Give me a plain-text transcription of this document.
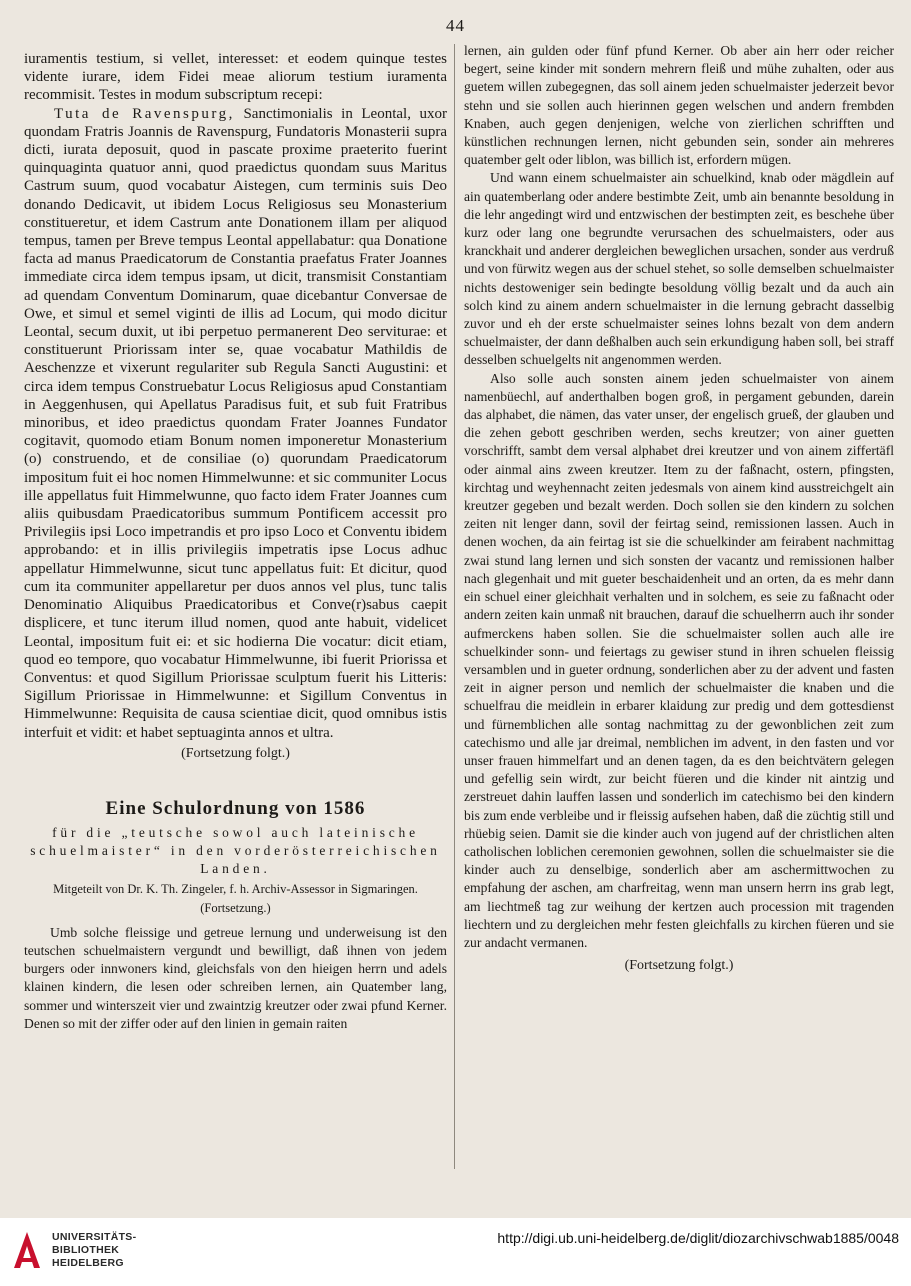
44

iuramentis testium, si vellet, interesset: et eodem quinque testes vidente iurare, idem Fidei meae aliorum testium iuramenta recommisit. Testes in modum subscriptum recepi:

Tuta de Ravenspurg, Sanctimonialis in Leontal, uxor quondam Fratris Joannis de Ravenspurg, Fundatoris Monasterii supra dicti, iurata deposuit, quod in pascate proxime praeterito fuerint quinquaginta quatuor anni, quod praedictus quondam suus Maritus Castrum suum, quod vocabatur Aistegen, cum terminis suis Deo donando Dedicavit, ut ibidem Locus Religiosus seu Monasterium constitueretur, et idem Castrum ante Donationem illam per aliquod tempus, tamen per Breve tempus Leontal appellabatur: qua Donatione facta ad manus Praedicatorum de Constantia praefatus Frater Joannes immediate circa idem tempus ipsam, ut dicit, transmisit Constantiam ad quendam Conventum Dominarum, quae dicebantur Conversae de Owe, et simul et semel viginti de illis ad Locum, qui modo dicitur Leontal, secum duxit, ut ibi perpetuo permanerent Deo serviturae: et constituerunt Priorissam inter se, quae vocabatur Mathildis de Aeschenzze et vixerunt regulariter sub Regula Sancti Augustini: et circa idem tempus Construebatur Locus Religiosus apud Constantiam in Aeggenhusen, qui Apellatus Paradisus fuit, et sub fuit Fratribus minoribus, et ideo praedictus quondam Frater Joannes Fundator cogitavit, quomodo etiam Bonum nomen imponeretur Monasterium (o) construendo, et de consiliae (o) quorundam Praedicatorum impositum fuit ei hoc nomen Himmelwunne: et sic communiter Locus ille appellatus fuit Himmelwunne, quo facto idem Frater Joannes cum aliis quibusdam Praedicatoribus summum Pontificem accessit pro Privilegiis ipsi Loco impetrandis et pro ipso Loco et Conventu ibidem approbando: et in illis privilegiis impetratis ipse Locus adhuc appellatur Himmelwunne, sicut tunc appellatus fuit: Et dicitur, quod cum ita communiter appellaretur per duos annos vel plus, tunc talis Denominatio Aliquibus Praedicatoribus et Conve(r)sabus caepit displicere, et tunc iterum illud nomen, quod ante habuit, videlicet Leontal, impositum fuit ei: et sic hodierna Die vocatur: dicit etiam, quod eo tempore, quo vocabatur Himmelwunne, ibi fuerit Priorissa et Conventus: et quod Sigillum Priorissae sculptum fuerit his Litteris: Sigillum Priorissae in Himmelwunne: et Sigillum Conventus in Himmelwunne: Requisita de causa scientiae dicit, quod omnibus istis interfuit et vidit: et habet septuaginta annos et ultra.

(Fortsetzung folgt.)
Eine Schulordnung von 1586
für die „teutsche sowol auch lateinische schuelmaister“ in den vorderösterreichischen Landen.
Mitgeteilt von Dr. K. Th. Zingeler, f. h. Archiv-Assessor in Sigmaringen.
(Fortsetzung.)

Umb solche fleissige und getreue lernung und underweisung ist den teutschen schuelmaistern vergundt und bewilligt, daß ihnen von jedem burgers oder innwoners kind, gleichsfals von den hieigen herrn und adels klainen kindern, die lesen oder schreiben lernen, ain Quatember lang, sommer und winterszeit vier und zwaintzig kreutzer oder zwai pfund Kerner. Denen so mit der ziffer oder auf den linien in gemain raiten

lernen, ain gulden oder fünf pfund Kerner. Ob aber ain herr oder reicher begert, seine kinder mit sondern mehrern fleiß und mühe zuhalten, oder aus guetem willen zubegegnen, das soll ainem jeden schuelmaister jederzeit bevor stehn und sie sollen auch hierinnen gegen welschen und andern frembden Knaben, auch gegen denjenigen, welche von zierlichen schrifften und künstlichen rechnungen lernen, nicht gebunden sein, sonder ain mehreres quatember gelt oder liblon, was billich ist, erfordern mügen.

Und wann einem schuelmaister ain schuelkind, knab oder mägdlein auf ain quatemberlang oder andere bestimbte Zeit, umb ain benannte besoldung in die lehr angedingt wird und entzwischen der bestimpten zeit, es beschehe über kurz oder lang one begrundte verursachen des schuelmaisters, oder aus kranckhait und anderer dergleichen beweglichen ursachen, sonder aus verdruß und von fürwitz wegen aus der schuel stehet, so solle demselben schuelmaister nichts destoweniger sein bedingte besoldung völlig bezalt und da auch ain solch kind zu ainem andern schuelmaister in die lernung gebracht dasselbig zuvor und eh der erste schuelmaister seines lohns bezalt von dem andern schuelmaister, der dann deßhalben auch sein erkundigung haben soll, bei straff desselben schuelgelts nit angenommen werden.

Also solle auch sonsten ainem jeden schuelmaister von ainem namenbüechl, auf anderthalben bogen groß, in pergament gebunden, darein das alphabet, die nämen, das vater unser, der engelisch grueß, der glauben und die zehen gebott geschriben werden, sechs kreutzer; von ainer guetten vorschrifft, sambt dem versal alphabet drei kreutzer und von ainem ziffertäfl oder ainmal ains zween kreutzer. Item zu der faßnacht, ostern, pfingsten, kirchtag und weyhennacht zeiten jedesmals von ainem kind ausstreichgelt ain kreutzer gegeben und bezalt werden. Doch sollen sie den kindern zu solchen zeiten nit lenger dann, sovil der feirtag seind, remissionen lassen. Auch in denen wochen, da ain feirtag ist sie die schuelkinder am feirabent nachmittag zwai stund lang lernen und sich sonsten der vacantz und remissionen halber nach glegenhait und mit gueter beschaidenheit und an orten, da es mehr dann ein schuel einer gleichhait verhalten und in solchem, es seie zu faßnacht oder andern zeiten kain unmaß nit brauchen, darauf die schuelherrn auch ihr sonder aufmerckens haben sollen. Sie die schuelmaister sollen auch alle ire schuelkinder sonn- und feiertags zu gewiser stund in ihren schuelen fleissig versamblen und in gueter ordnung, sonderlichen aber zu der advent und fasten zeit in aigner person und nemlich der schuelmaister die knaben und die schuelfrau die meidlein in erbarer klaidung zur predig und dem gottesdienst und fürnemblichen alle sontag nachmittag zu der gewonblichen zeit zum catechismo und alle jar dreimal, nemblichen im advent, in den fasten und vor unser frauen himmelfart und an denen tagen, da es den beichtvätern gelegen und gefellig sein wirdt, zur beicht füeren und die kinder nit aintzig und zerstreuet dahin lauffen lassen und sonderlich im catechismo bei den kindern bis zum ende verbleibe und ir fleissig aufsehen haben, daß die züchtig still und rhüebig seien. Damit sie die kinder auch von jugend auf der christlichen alten catholischen loblichen ceremonien gewohnen, sollen die schuelmaister sie die kinder auch zu denselbige, sonderlich aber am aschermittwochen zu empfahung der aschen, am charfreitag, wenn man unsern herrn ins grab legt, am liechtmeß tag zur weihung der kertzen auch procession mit tragenden liechtern und zu dergleichen mehr festen gleichfalls zu kirchen füeren und sie zur andacht vermanen.

(Fortsetzung folgt.)
UNIVERSITÄTS-
BIBLIOTHEK
HEIDELBERG
http://digi.ub.uni-heidelberg.de/diglit/diozarchivschwab1885/0048
